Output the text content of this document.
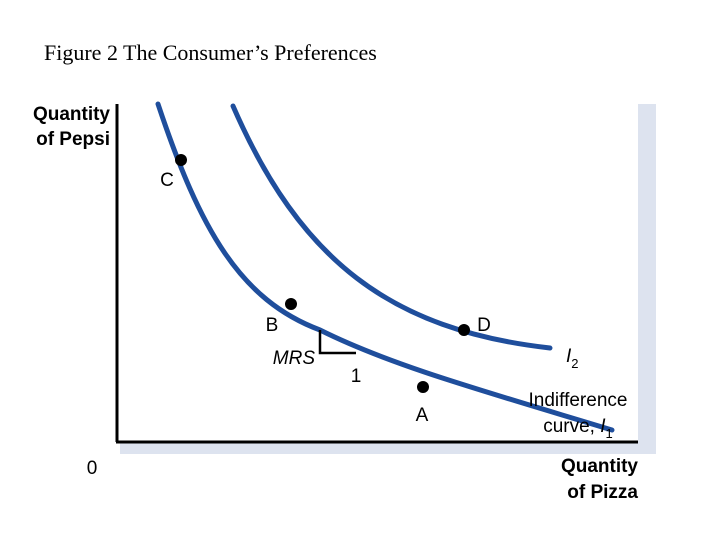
Figure 2 The Consumer’s Preferences
Quantity
of Pepsi
Quantity
of Pizza
0
MRS
1
C
B	D
A
$I_2$
Indifference
curve, $I_1$
